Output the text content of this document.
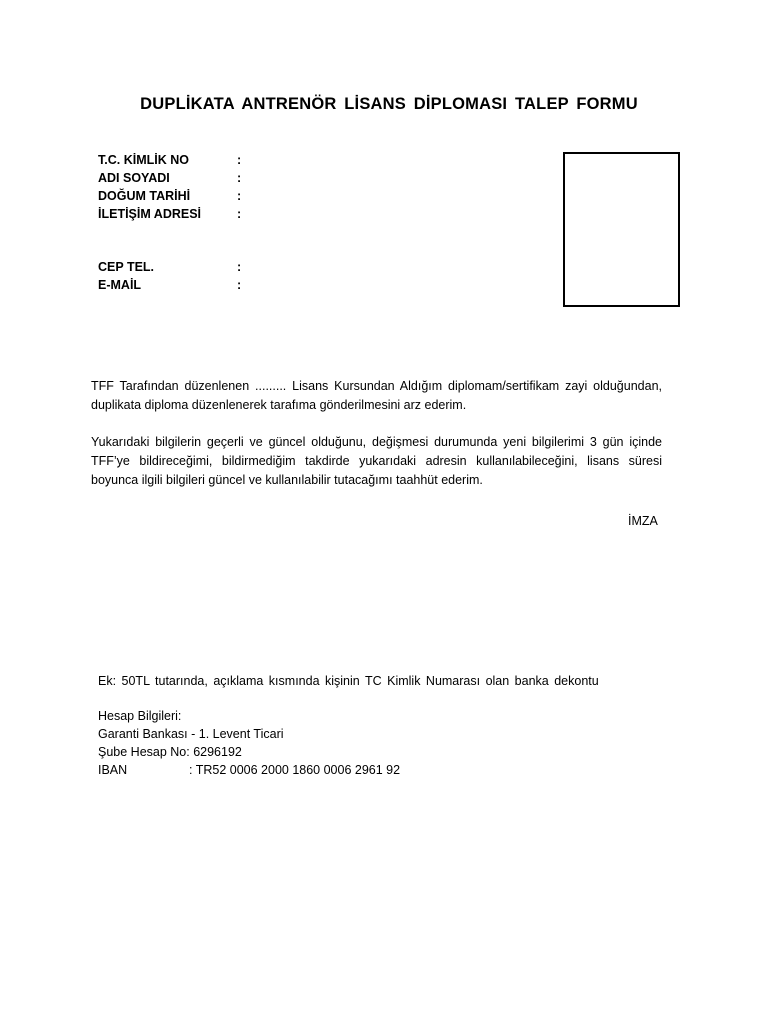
DUPLİKATA ANTRENÖR LİSANS DİPLOMASI TALEP FORMU
T.C. KİMLİK NO	:
ADI SOYADI	:
DOĞUM TARİHİ	:
İLETİŞİM ADRESİ	:
CEP TEL.	:
E-MAİL	:

TFF Tarafından düzenlenen ......... Lisans Kursundan Aldığım diplomam/sertifikam zayi olduğundan, duplikata diploma düzenlenerek tarafıma gönderilmesini arz ederim.

Yukarıdaki bilgilerin geçerli ve güncel olduğunu, değişmesi durumunda yeni bilgilerimi 3 gün içinde TFF’ye bildireceğimi, bildirmediğim takdirde yukarıdaki adresin kullanılabileceğini, lisans süresi boyunca ilgili bilgileri güncel ve kullanılabilir tutacağımı taahhüt ederim.

İMZA
Ek: 50TL tutarında, açıklama kısmında kişinin TC Kimlik Numarası olan banka dekontu
Hesap Bilgileri:
Garanti Bankası - 1. Levent Ticari
Şube Hesap No: 6296192
IBAN	: TR52 0006 2000 1860 0006 2961 92
